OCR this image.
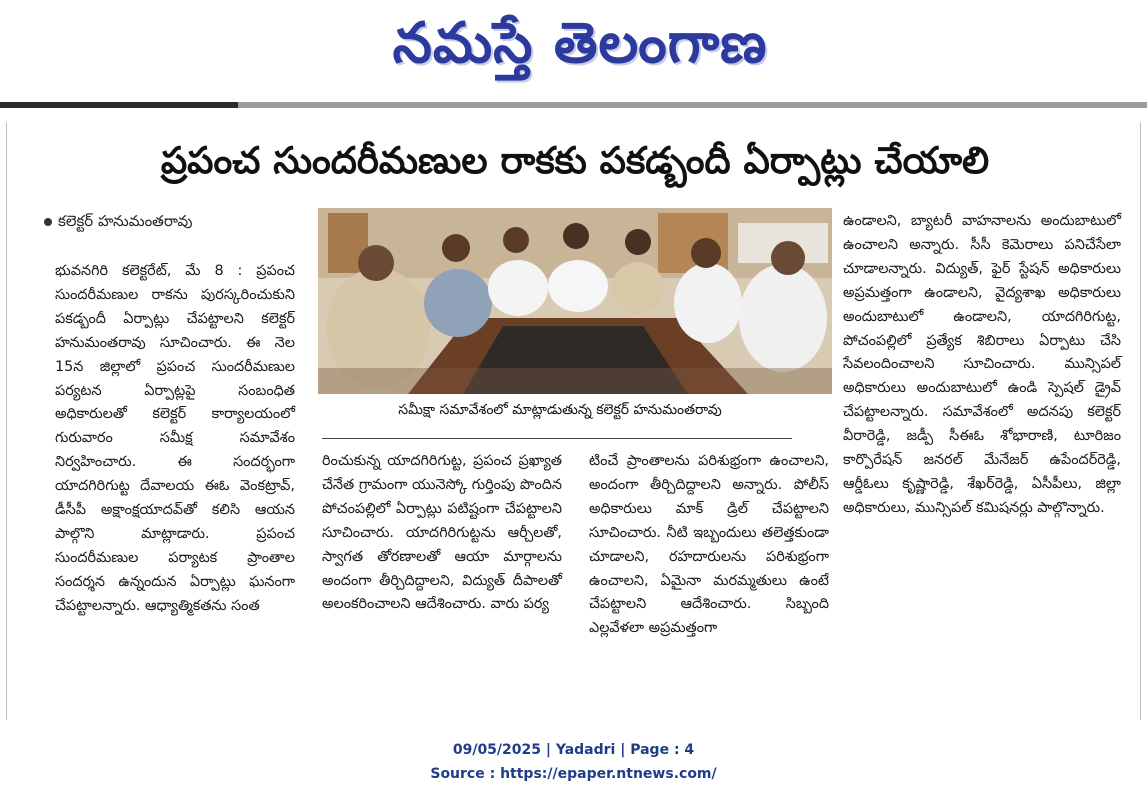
నమస్తే తెలంగాణ
ప్రపంచ సుందరీమణుల రాకకు పకడ్బందీ ఏర్పాట్లు చేయాలి
కలెక్టర్ హనుమంతరావు

భువనగిరి కలెక్టరేట్, మే 8 : ప్రపంచ సుందరీమణుల రాకను పురస్కరించుకుని పకడ్బందీ ఏర్పాట్లు చేపట్టాలని కలెక్టర్ హనుమంతరావు సూచించారు. ఈ నెల 15న జిల్లాలో ప్రపంచ సుందరీమణుల పర్యటన ఏర్పాట్లపై సంబంధిత అధికారులతో కలెక్టర్ కార్యాలయంలో గురువారం సమీక్ష సమావేశం నిర్వహించారు. ఈ సందర్భంగా యాదగిరిగుట్ట దేవాలయ ఈఓ వెంకట్రావ్, డీసీపీ అక్షాంక్షయాదవ్‌తో కలిసి ఆయన పాల్గొని మాట్లాడారు. ప్రపంచ సుందరీమణుల పర్యాటక ప్రాంతాల సందర్శన ఉన్నందున ఏర్పాట్లు ఘనంగా చేపట్టాలన్నారు. ఆధ్యాత్మికతను సంత

సమీక్షా సమావేశంలో మాట్లాడుతున్న కలెక్టర్ హనుమంతరావు

రించుకున్న యాదగిరిగుట్ట, ప్రపంచ ప్రఖ్యాత చేనేత గ్రామంగా యునెస్కో గుర్తింపు పొందిన పోచంపల్లిలో ఏర్పాట్లు పటిష్టంగా చేపట్టాలని సూచించారు. యాదగిరిగుట్టను ఆర్చీలతో, స్వాగత తోరణాలతో ఆయా మార్గాలను అందంగా తీర్చిదిద్దాలని, విద్యుత్ దీపాలతో అలంకరించాలని ఆదేశించారు. వారు పర్య

టించే ప్రాంతాలను పరిశుభ్రంగా ఉంచాలని, అందంగా తీర్చిదిద్దాలని అన్నారు. పోలీస్ అధికారులు మాక్ డ్రిల్ చేపట్టాలని సూచించారు. నీటి ఇబ్బందులు తలెత్తకుండా చూడాలని, రహదారులను పరిశుభ్రంగా ఉంచాలని, ఏమైనా మరమ్మతులు ఉంటే చేపట్టాలని ఆదేశించారు. సిబ్బంది ఎల్లవేళలా అప్రమత్తంగా

ఉండాలని, బ్యాటరీ వాహనాలను అందుబాటులో ఉంచాలని అన్నారు. సీసీ కెమెరాలు పనిచేసేలా చూడాలన్నారు. విద్యుత్, ఫైర్ స్టేషన్ అధికారులు అప్రమత్తంగా ఉండాలని, వైద్యశాఖ అధికారులు అందుబాటులో ఉండాలని, యాదగిరిగుట్ట, పోచంపల్లిలో ప్రత్యేక శిబిరాలు ఏర్పాటు చేసి సేవలందించాలని సూచించారు. మున్సిపల్ అధికారులు అందుబాటులో ఉండి స్పెషల్ డ్రైవ్ చేపట్టాలన్నారు. సమావేశంలో అదనపు కలెక్టర్ వీరారెడ్డి, జడ్పీ సీఈఓ శోభారాణి, టూరిజం కార్పొరేషన్ జనరల్ మేనేజర్ ఉపేందర్‌రెడ్డి, ఆర్డీఓలు కృష్ణారెడ్డి, శేఖర్‌రెడ్డి, ఏసీపీలు, జిల్లా అధికారులు, మున్సిపల్ కమిషనర్లు పాల్గొన్నారు.

09/05/2025 | Yadadri | Page : 4
Source : https://epaper.ntnews.com/
